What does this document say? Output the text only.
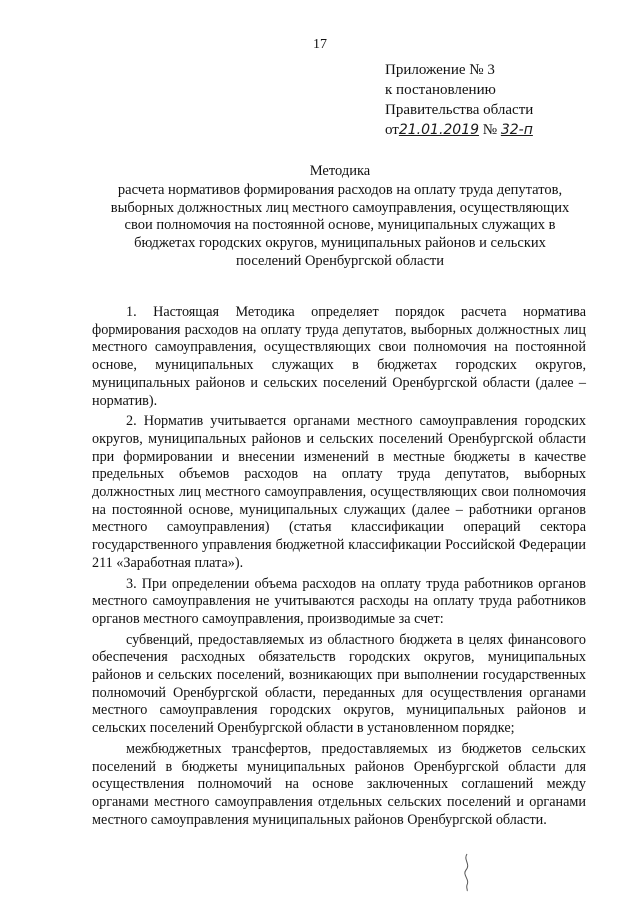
17
Приложение № 3
к постановлению
Правительства области
от21.01.2019 № 32-п
Методика
расчета нормативов формирования расходов на оплату труда депутатов, выборных должностных лиц местного самоуправления, осуществляющих свои полномочия на постоянной основе, муниципальных служащих в бюджетах городских округов, муниципальных районов и сельских поселений Оренбургской области

1. Настоящая Методика определяет порядок расчета норматива формирования расходов на оплату труда депутатов, выборных должностных лиц местного самоуправления, осуществляющих свои полномочия на постоянной основе, муниципальных служащих в бюджетах городских округов, муниципальных районов и сельских поселений Оренбургской области (далее – норматив).

2. Норматив учитывается органами местного самоуправления городских округов, муниципальных районов и сельских поселений Оренбургской области при формировании и внесении изменений в местные бюджеты в качестве предельных объемов расходов на оплату труда депутатов, выборных должностных лиц местного самоуправления, осуществляющих свои полномочия на постоянной основе, муниципальных служащих (далее – работники органов местного самоуправления) (статья классификации операций сектора государственного управления бюджетной классификации Российской Федерации 211 «Заработная плата»).

3. При определении объема расходов на оплату труда работников органов местного самоуправления не учитываются расходы на оплату труда работников органов местного самоуправления, производимые за счет:

субвенций, предоставляемых из областного бюджета в целях финансового обеспечения расходных обязательств городских округов, муниципальных районов и сельских поселений, возникающих при выполнении государственных полномочий Оренбургской области, переданных для осуществления органами местного самоуправления городских округов, муниципальных районов и сельских поселений Оренбургской области в установленном порядке;

межбюджетных трансфертов, предоставляемых из бюджетов сельских поселений в бюджеты муниципальных районов Оренбургской области для осуществления полномочий на основе заключенных соглашений между органами местного самоуправления отдельных сельских поселений и органами местного самоуправления муниципальных районов Оренбургской области.
